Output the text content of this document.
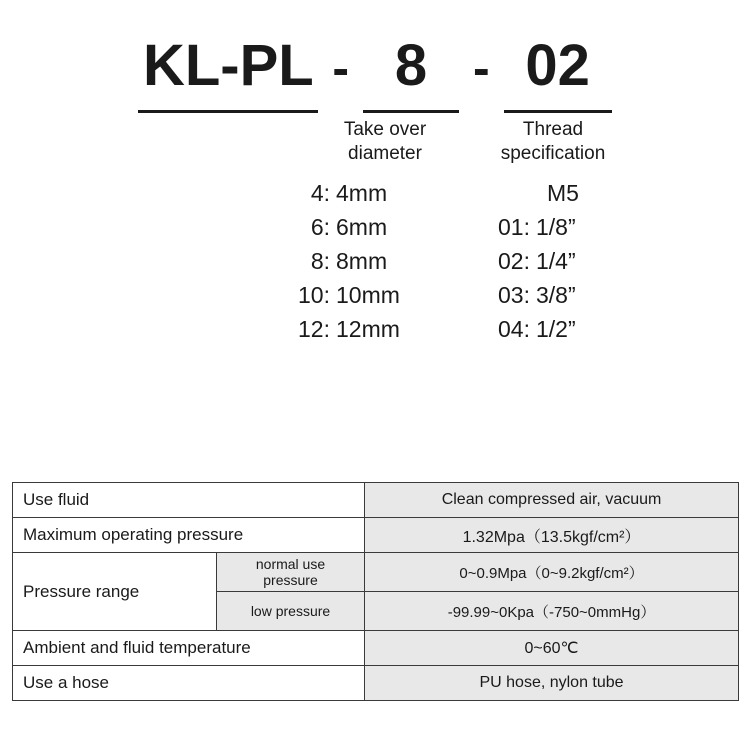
KL-PL - 8 - 02
Take over
diameter
Thread
specification
4: 4mm
6: 6mm
8: 8mm
10: 10mm
12: 12mm
M5
01: 1/8”
02: 1/4”
03: 3/8”
04: 1/2”
Use fluid		Clean compressed air, vacuum
Maximum operating pressure		1.32Mpa（13.5kgf/cm²）
Pressure range	normal use pressure	0~0.9Mpa（0~9.2kgf/cm²）
	low pressure	-99.99~0Kpa（-750~0mmHg）
Ambient and fluid temperature		0~60℃
Use a hose		PU hose, nylon tube
